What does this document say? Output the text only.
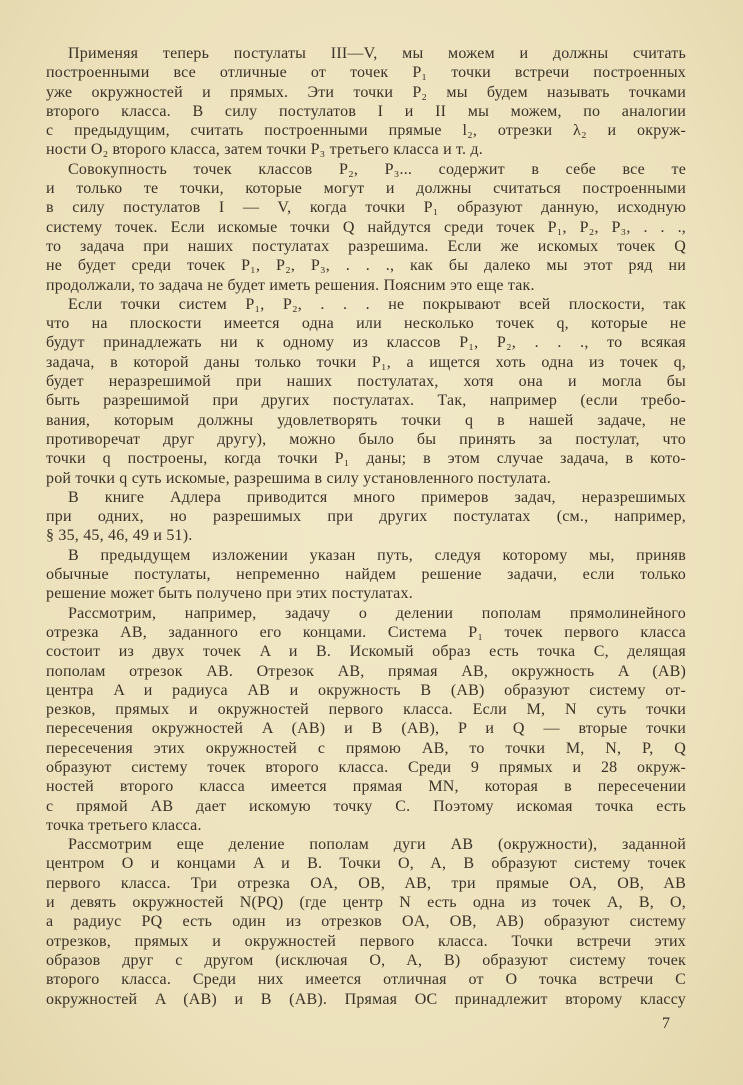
Применяя теперь постулаты III—V, мы можем и должны считать
построенными все отличные от точек P₁ точки встречи построенных
уже окружностей и прямых. Эти точки P₂ мы будем называть точками
второго класса. В силу постулатов I и II мы можем, по аналогии
с предыдущим, считать построенными прямые l₂, отрезки λ₂ и окруж-
ности O₂ второго класса, затем точки P₃ третьего класса и т. д.
Совокупность точек классов P₂, P₃... содержит в себе все те
и только те точки, которые могут и должны считаться построенными
в силу постулатов I — V, когда точки P₁ образуют данную, исходную
систему точек. Если искомые точки Q найдутся среди точек P₁, P₂, P₃, . . .,
то задача при наших постулатах разрешима. Если же искомых точек Q
не будет среди точек P₁, P₂, P₃, . . ., как бы далеко мы этот ряд ни
продолжали, то задача не будет иметь решения. Поясним это еще так.
Если точки систем P₁, P₂, . . . не покрывают всей плоскости, так
что на плоскости имеется одна или несколько точек q, которые не
будут принадлежать ни к одному из классов P₁, P₂, . . ., то всякая
задача, в которой даны только точки P₁, а ищется хоть одна из точек q,
будет неразрешимой при наших постулатах, хотя она и могла бы
быть разрешимой при других постулатах. Так, например (если требо-
вания, которым должны удовлетворять точки q в нашей задаче, не
противоречат друг другу), можно было бы принять за постулат, что
точки q построены, когда точки P₁ даны; в этом случае задача, в кото-
рой точки q суть искомые, разрешима в силу установленного постулата.
В книге Адлера приводится много примеров задач, неразрешимых
при одних, но разрешимых при других постулатах (см., например,
§ 35, 45, 46, 49 и 51).
В предыдущем изложении указан путь, следуя которому мы, приняв
обычные постулаты, непременно найдем решение задачи, если только
решение может быть получено при этих постулатах.
Рассмотрим, например, задачу о делении пополам прямолинейного
отрезка AB, заданного его концами. Система P₁ точек первого класса
состоит из двух точек A и B. Искомый образ есть точка C, делящая
пополам отрезок AB. Отрезок AB, прямая AB, окружность A (AB)
центра A и радиуса AB и окружность B (AB) образуют систему от-
резков, прямых и окружностей первого класса. Если M, N суть точки
пересечения окружностей A (AB) и B (AB), P и Q — вторые точки
пересечения этих окружностей с прямою AB, то точки M, N, P, Q
образуют систему точек второго класса. Среди 9 прямых и 28 окруж-
ностей второго класса имеется прямая MN, которая в пересечении
с прямой AB дает искомую точку C. Поэтому искомая точка есть
точка третьего класса.
Рассмотрим еще деление пополам дуги AB (окружности), заданной
центром O и концами A и B. Точки O, A, B образуют систему точек
первого класса. Три отрезка OA, OB, AB, три прямые OA, OB, AB
и девять окружностей N(PQ) (где центр N есть одна из точек A, B, O,
а радиус PQ есть один из отрезков OA, OB, AB) образуют систему
отрезков, прямых и окружностей первого класса. Точки встречи этих
образов друг с другом (исключая O, A, B) образуют систему точек
второго класса. Среди них имеется отличная от O точка встречи C
окружностей A (AB) и B (AB). Прямая OC принадлежит второму классу
7
